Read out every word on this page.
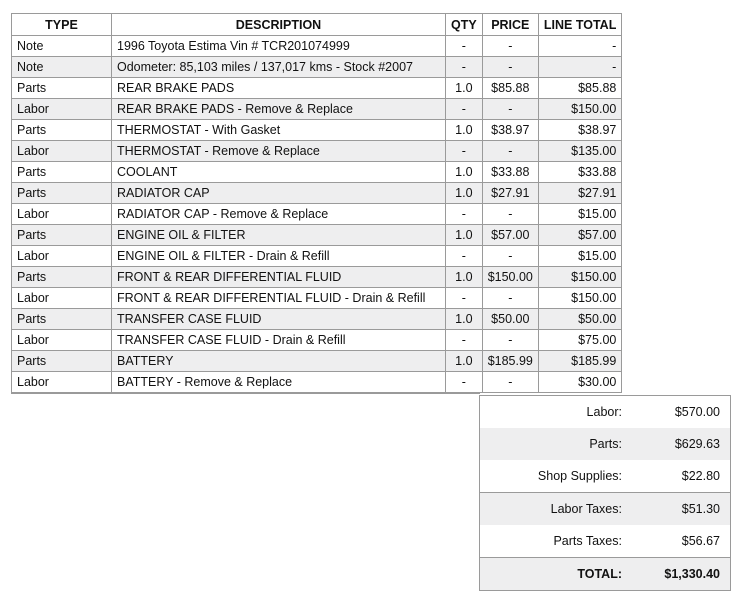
TYPE	DESCRIPTION	QTY	PRICE	LINE TOTAL
Note	1996 Toyota Estima Vin # TCR201074999	-	-	-
Note	Odometer: 85,103 miles / 137,017 kms - Stock #2007	-	-	-
Parts	REAR BRAKE PADS	1.0	$85.88	$85.88
Labor	REAR BRAKE PADS - Remove & Replace	-	-	$150.00
Parts	THERMOSTAT - With Gasket	1.0	$38.97	$38.97
Labor	THERMOSTAT - Remove & Replace	-	-	$135.00
Parts	COOLANT	1.0	$33.88	$33.88
Parts	RADIATOR CAP	1.0	$27.91	$27.91
Labor	RADIATOR CAP - Remove & Replace	-	-	$15.00
Parts	ENGINE OIL & FILTER	1.0	$57.00	$57.00
Labor	ENGINE OIL & FILTER - Drain & Refill	-	-	$15.00
Parts	FRONT & REAR DIFFERENTIAL FLUID	1.0	$150.00	$150.00
Labor	FRONT & REAR DIFFERENTIAL FLUID - Drain & Refill	-	-	$150.00
Parts	TRANSFER CASE FLUID	1.0	$50.00	$50.00
Labor	TRANSFER CASE FLUID - Drain & Refill	-	-	$75.00
Parts	BATTERY	1.0	$185.99	$185.99
Labor	BATTERY - Remove & Replace	-	-	$30.00
Labor:	$570.00
Parts:	$629.63
Shop Supplies:	$22.80
Labor Taxes:	$51.30
Parts Taxes:	$56.67
TOTAL:	$1,330.40
